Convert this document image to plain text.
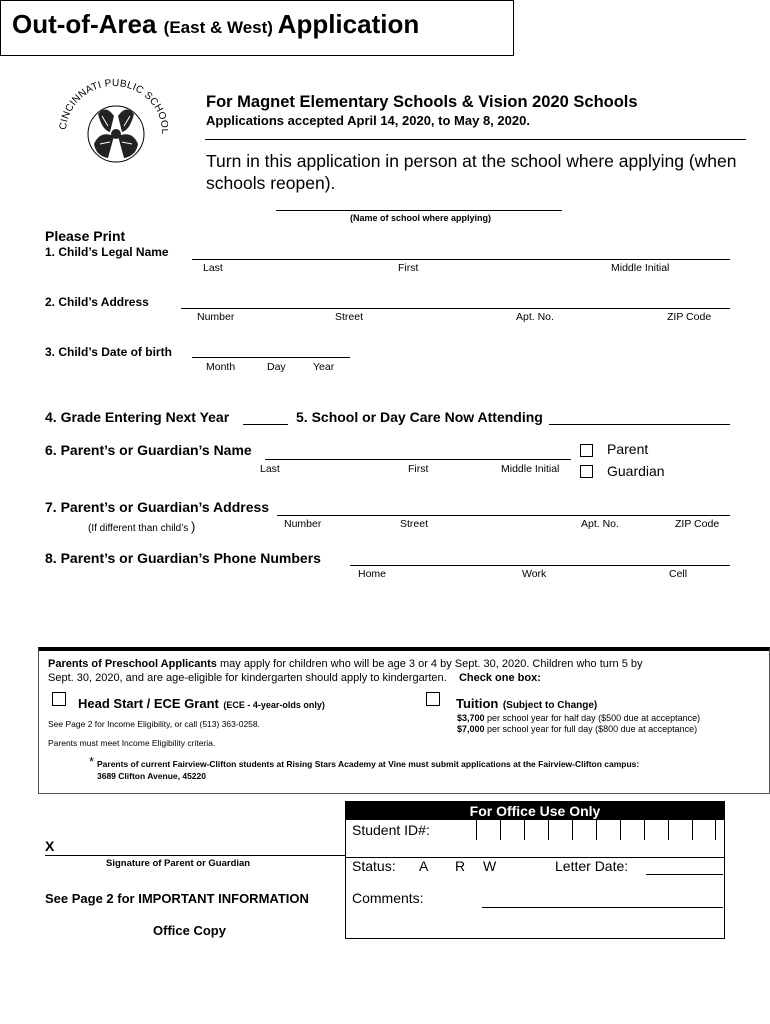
Out-of-Area (East & West) Application
CINCINNATI PUBLIC SCHO
For Magnet Elementary Schools & Vision 2020 Schools
Applications accepted April 14, 2020, to May 8, 2020.
Turn in this application in person at the school where applying (when schools reopen).
(Name of school where applying)
Please Print
1. Child’s Legal Name
Last	First	Middle Initial
2. Child’s Address
Number	Street	Apt. No.	ZIP Code
3. Child’s Date of birth
Month	Day	Year
4. Grade Entering Next Year	5. School or Day Care Now Attending
6. Parent’s or Guardian’s Name
Last	First	Middle Initial
Parent
Guardian
7. Parent’s or Guardian’s Address
(If different than child’s )	Number	Street	Apt. No.	ZIP Code
8. Parent’s or Guardian’s Phone Numbers
Home	Work	Cell
Parents of Preschool Applicants may apply for children who will be age 3 or 4 by Sept. 30, 2020. Children who turn 5 by
Sept. 30, 2020, and are age-eligible for kindergarten should apply to kindergarten. Check one box:
Head Start / ECE Grant (ECE - 4-year-olds only)
See Page 2 for Income Eligibility, or call (513) 363-0258.
Parents must meet Income Eligibility criteria.
Tuition (Subject to Change)
$3,700 per school year for half day ($500 due at acceptance)
$7,000 per school year for full day ($800 due at acceptance)
* Parents of current Fairview-Clifton students at Rising Stars Academy at Vine must submit applications at the Fairview-Clifton campus:
3689 Clifton Avenue, 45220
X
Signature of Parent or Guardian
See Page 2 for IMPORTANT INFORMATION
Office Copy
For Office Use Only
Student ID#:
Status: A R W	Letter Date:
Comments:
